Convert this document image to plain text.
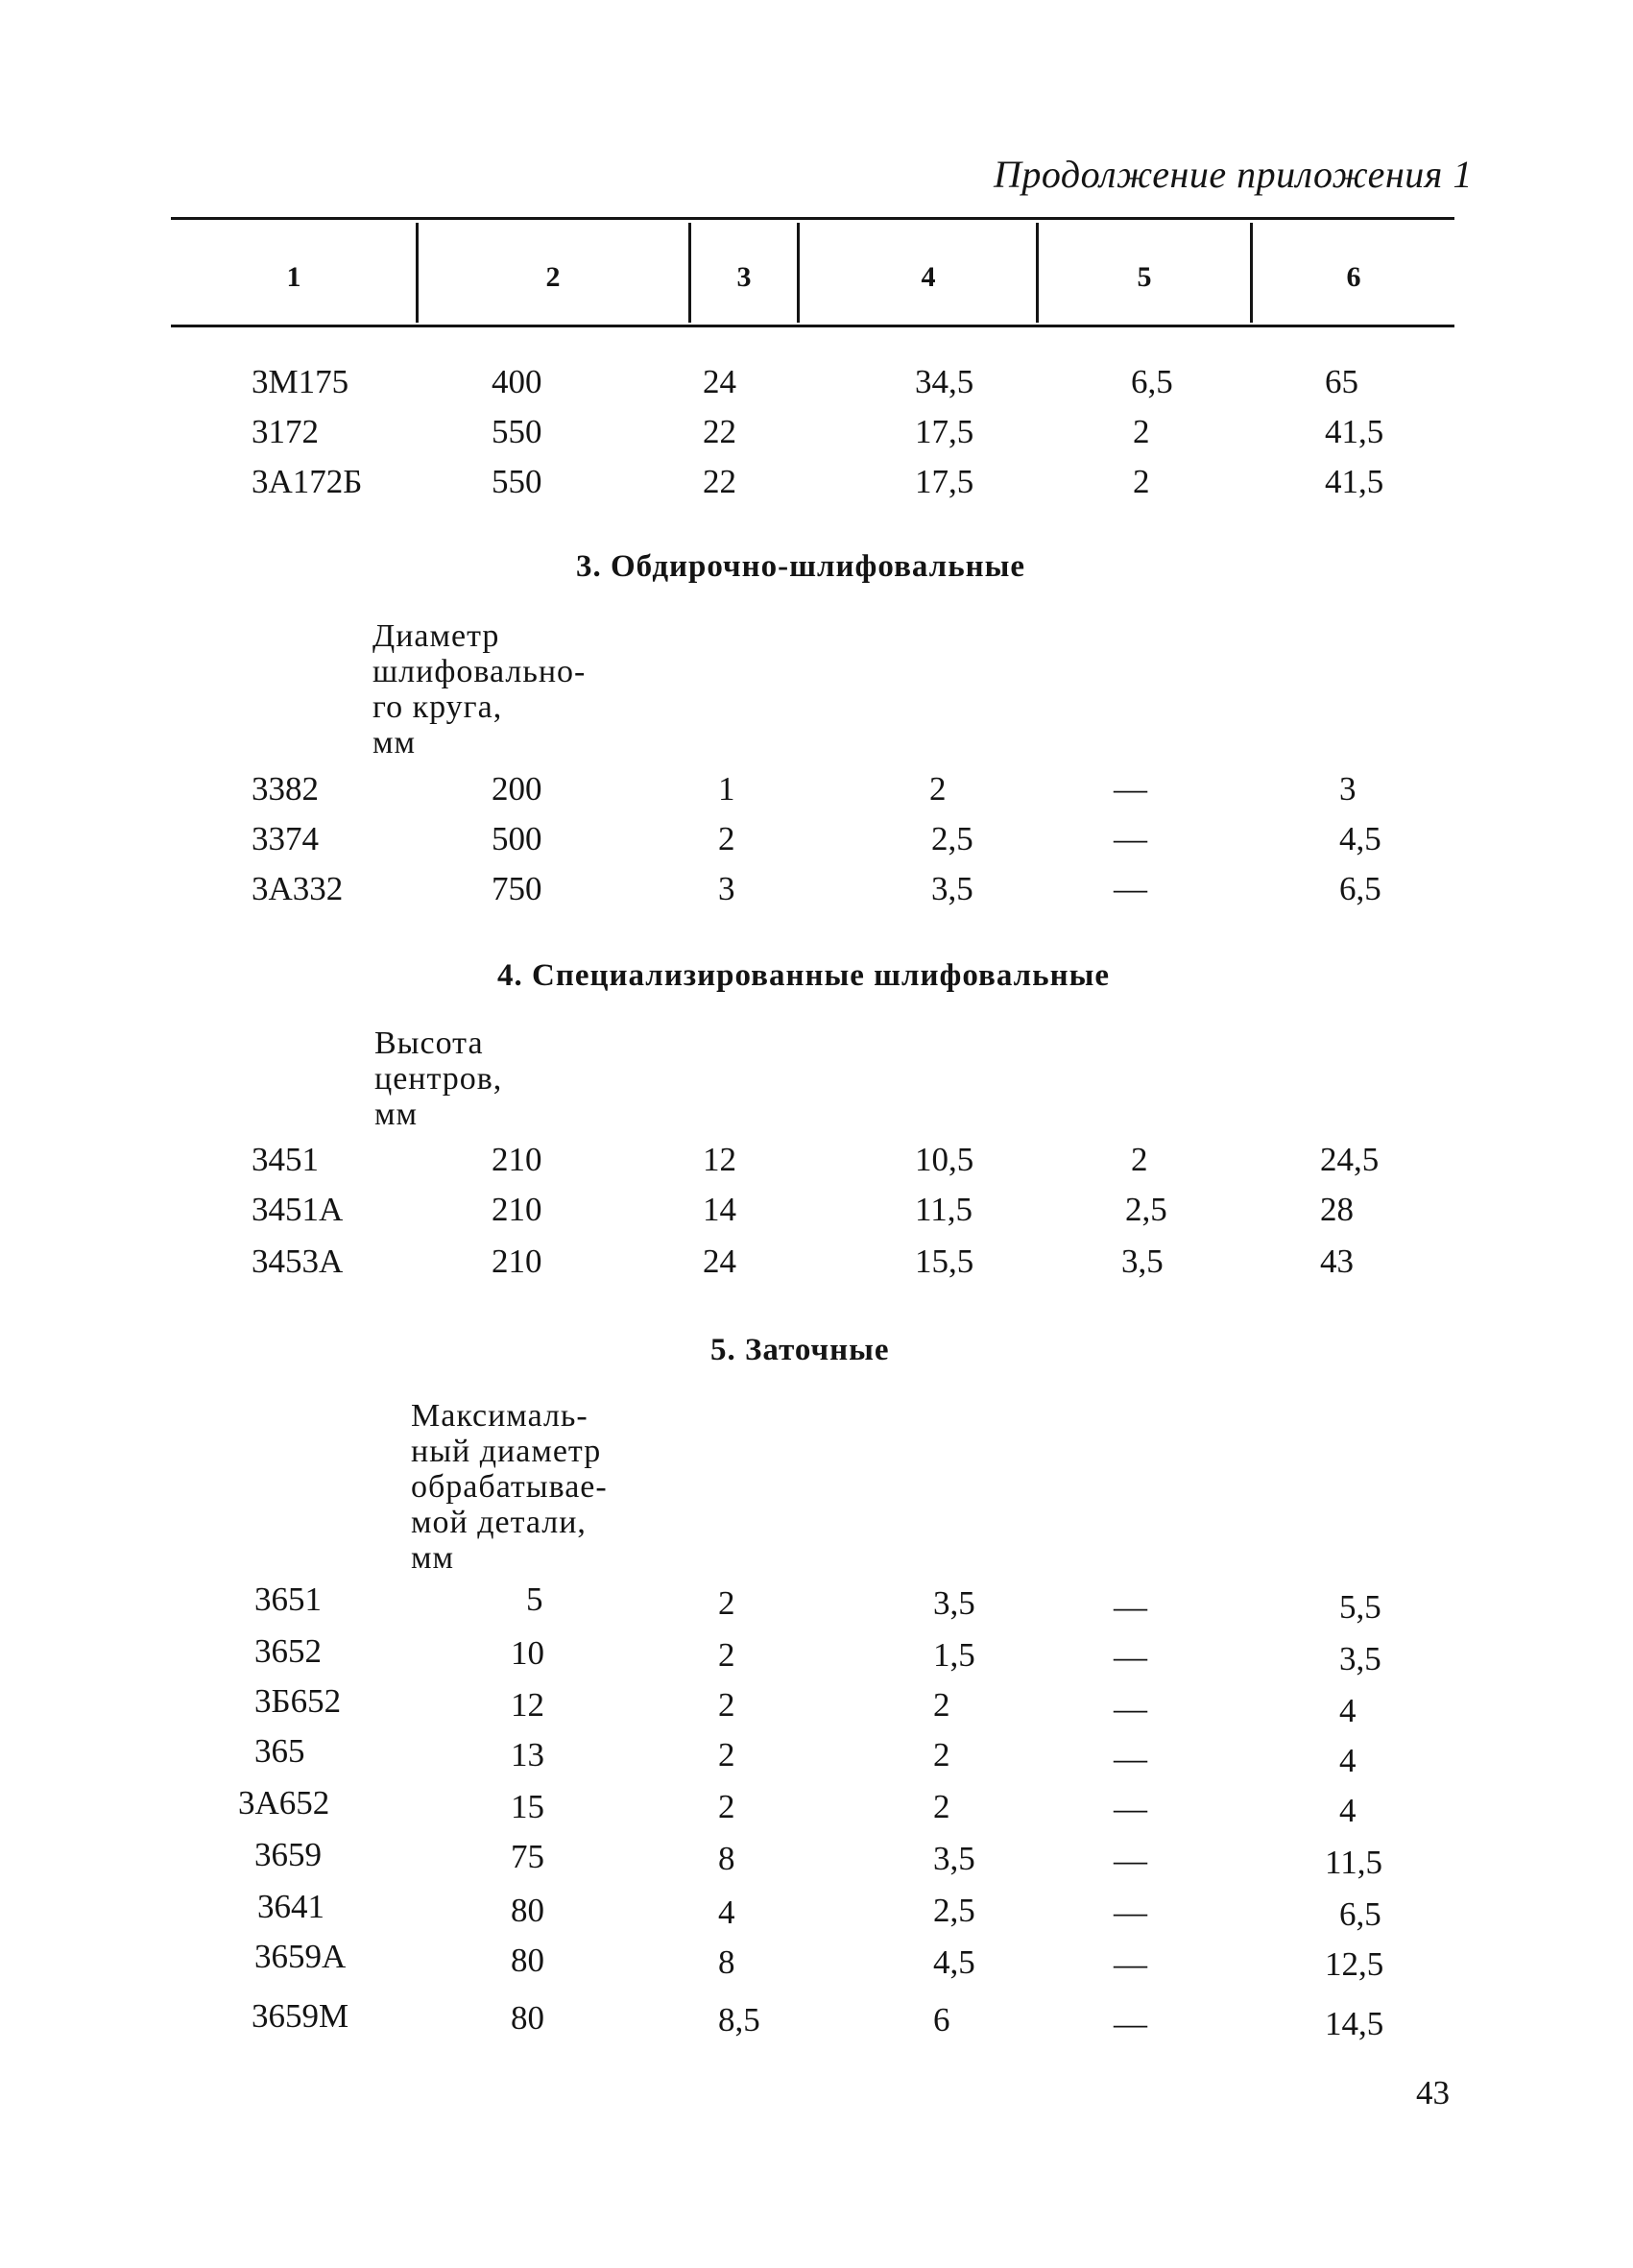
Продолжение приложения 1
1	2	3	4	5	6
3М175	400	24	34,5	6,5	65
3172	550	22	17,5	2	41,5
3А172Б	550	22	17,5	2	41,5
3. Обдирочно-шлифовальные
Диаметр
шлифовально-
го круга,
мм
3382	200	1	2	—	3
3374	500	2	2,5	—	4,5
3А332	750	3	3,5	—	6,5
4. Специализированные шлифовальные
Высота
центров,
мм
3451	210	12	10,5	2	24,5
3451А	210	14	11,5	2,5	28
3453А	210	24	15,5	3,5	43
5. Заточные
Максималь-
ный диаметр
обрабатывае-
мой детали,
мм
3651	5	2	3,5	—	5,5
3652	10	2	1,5	—	3,5
3Б652	12	2	2	—	4
365	13	2	2	—	4
3А652	15	2	2	—	4
3659	75	8	3,5	—	11,5
3641	80	4	2,5	—	6,5
3659А	80	8	4,5	—	12,5
3659М	80	8,5	6	—	14,5
43
